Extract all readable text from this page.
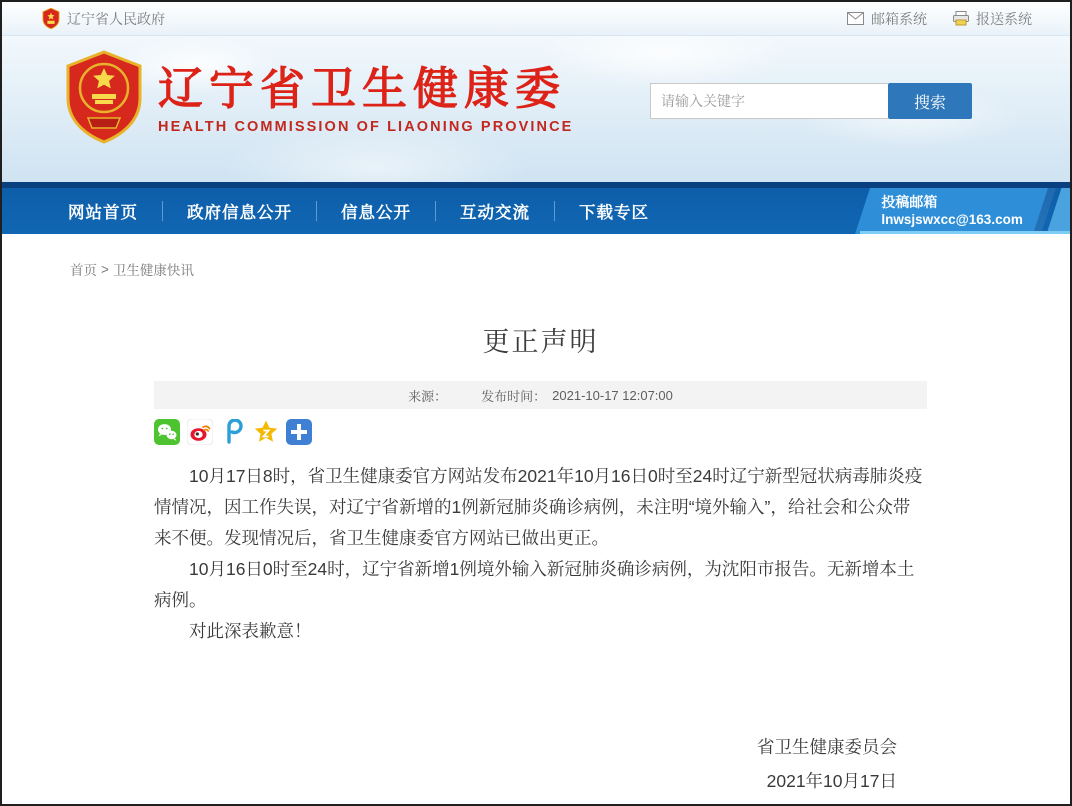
辽宁省人民政府	邮箱系统	报送系统
辽宁省卫生健康委
HEALTH COMMISSION OF LIAONING PROVINCE
请输入关键字
搜索
网站首页	政府信息公开	信息公开	互动交流	下载专区
投稿邮箱
lnwsjswxcc@163.com
首页 > 卫生健康快讯
更正声明
来源：	发布时间： 2021-10-17 12:07:00

10月17日8时，省卫生健康委官方网站发布2021年10月16日0时至24时辽宁新型冠状病毒肺炎疫情情况，因工作失误，对辽宁省新增的1例新冠肺炎确诊病例，未注明“境外输入”，给社会和公众带来不便。发现情况后，省卫生健康委官方网站已做出更正。

10月16日0时至24时，辽宁省新增1例境外输入新冠肺炎确诊病例，为沈阳市报告。无新增本土病例。

对此深表歉意！

省卫生健康委员会
2021年10月17日
